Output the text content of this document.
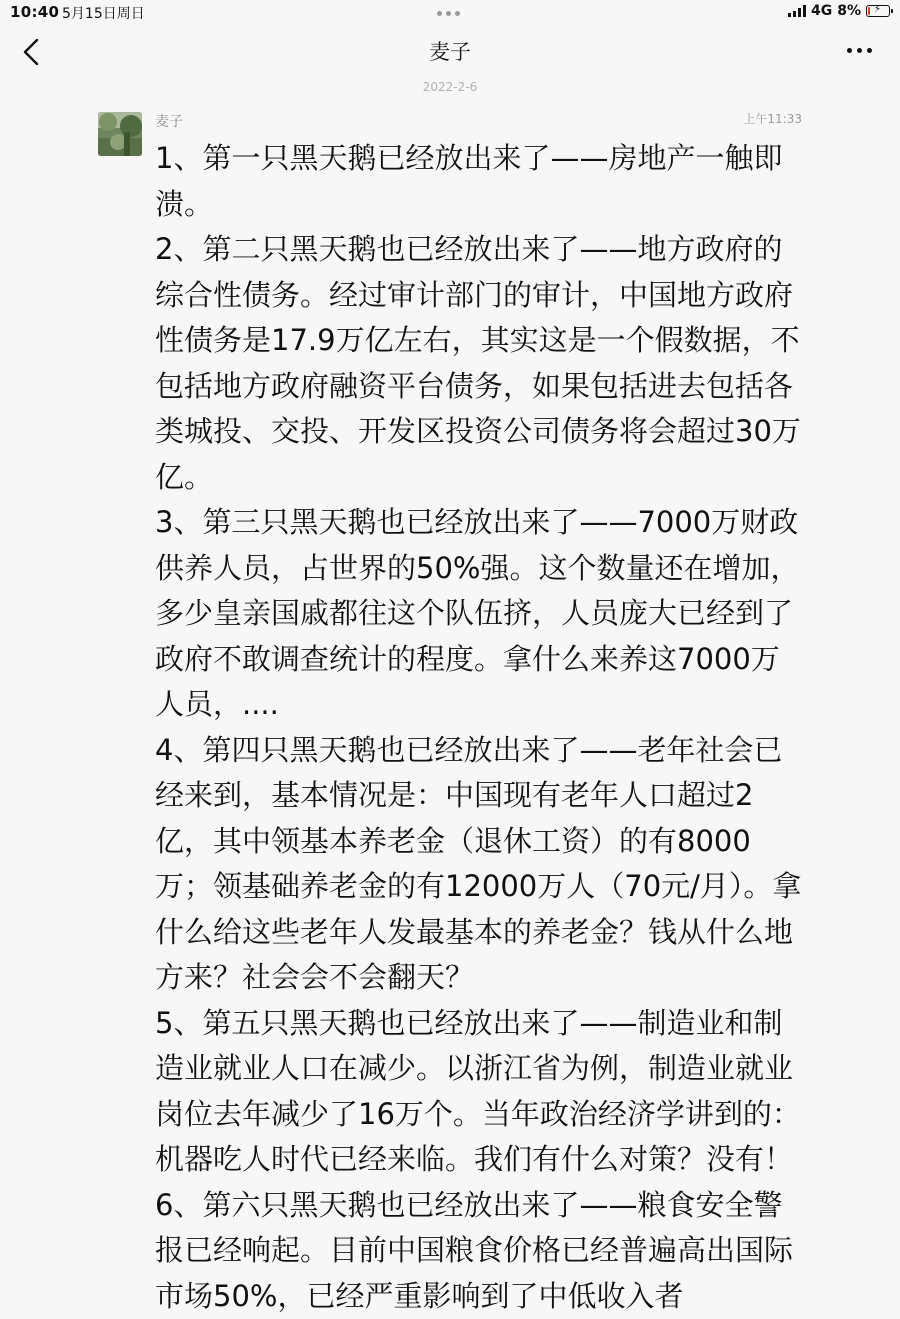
10:40 5月15日周日	4G 8% ⚡
麦子
2022-2-6
麦子	上午11:33

1、第一只黑天鹅已经放出来了——房地产一触即溃。

2、第二只黑天鹅也已经放出来了——地方政府的综合性债务。经过审计部门的审计，中国地方政府性债务是17.9万亿左右，其实这是一个假数据，不包括地方政府融资平台债务，如果包括进去包括各类城投、交投、开发区投资公司债务将会超过30万亿。

3、第三只黑天鹅也已经放出来了——7000万财政供养人员，占世界的50%强。这个数量还在增加，多少皇亲国戚都往这个队伍挤，人员庞大已经到了政府不敢调查统计的程度。拿什么来养这7000万人员，....

4、第四只黑天鹅也已经放出来了——老年社会已经来到，基本情况是：中国现有老年人口超过2亿，其中领基本养老金（退休工资）的有8000万；领基础养老金的有12000万人（70元/月）。拿什么给这些老年人发最基本的养老金？钱从什么地方来？社会会不会翻天？

5、第五只黑天鹅也已经放出来了——制造业和制造业就业人口在减少。以浙江省为例，制造业就业岗位去年减少了16万个。当年政治经济学讲到的：机器吃人时代已经来临。我们有什么对策？没有！

6、第六只黑天鹅也已经放出来了——粮食安全警报已经响起。目前中国粮食价格已经普遍高出国际市场50%，已经严重影响到了中低收入者
